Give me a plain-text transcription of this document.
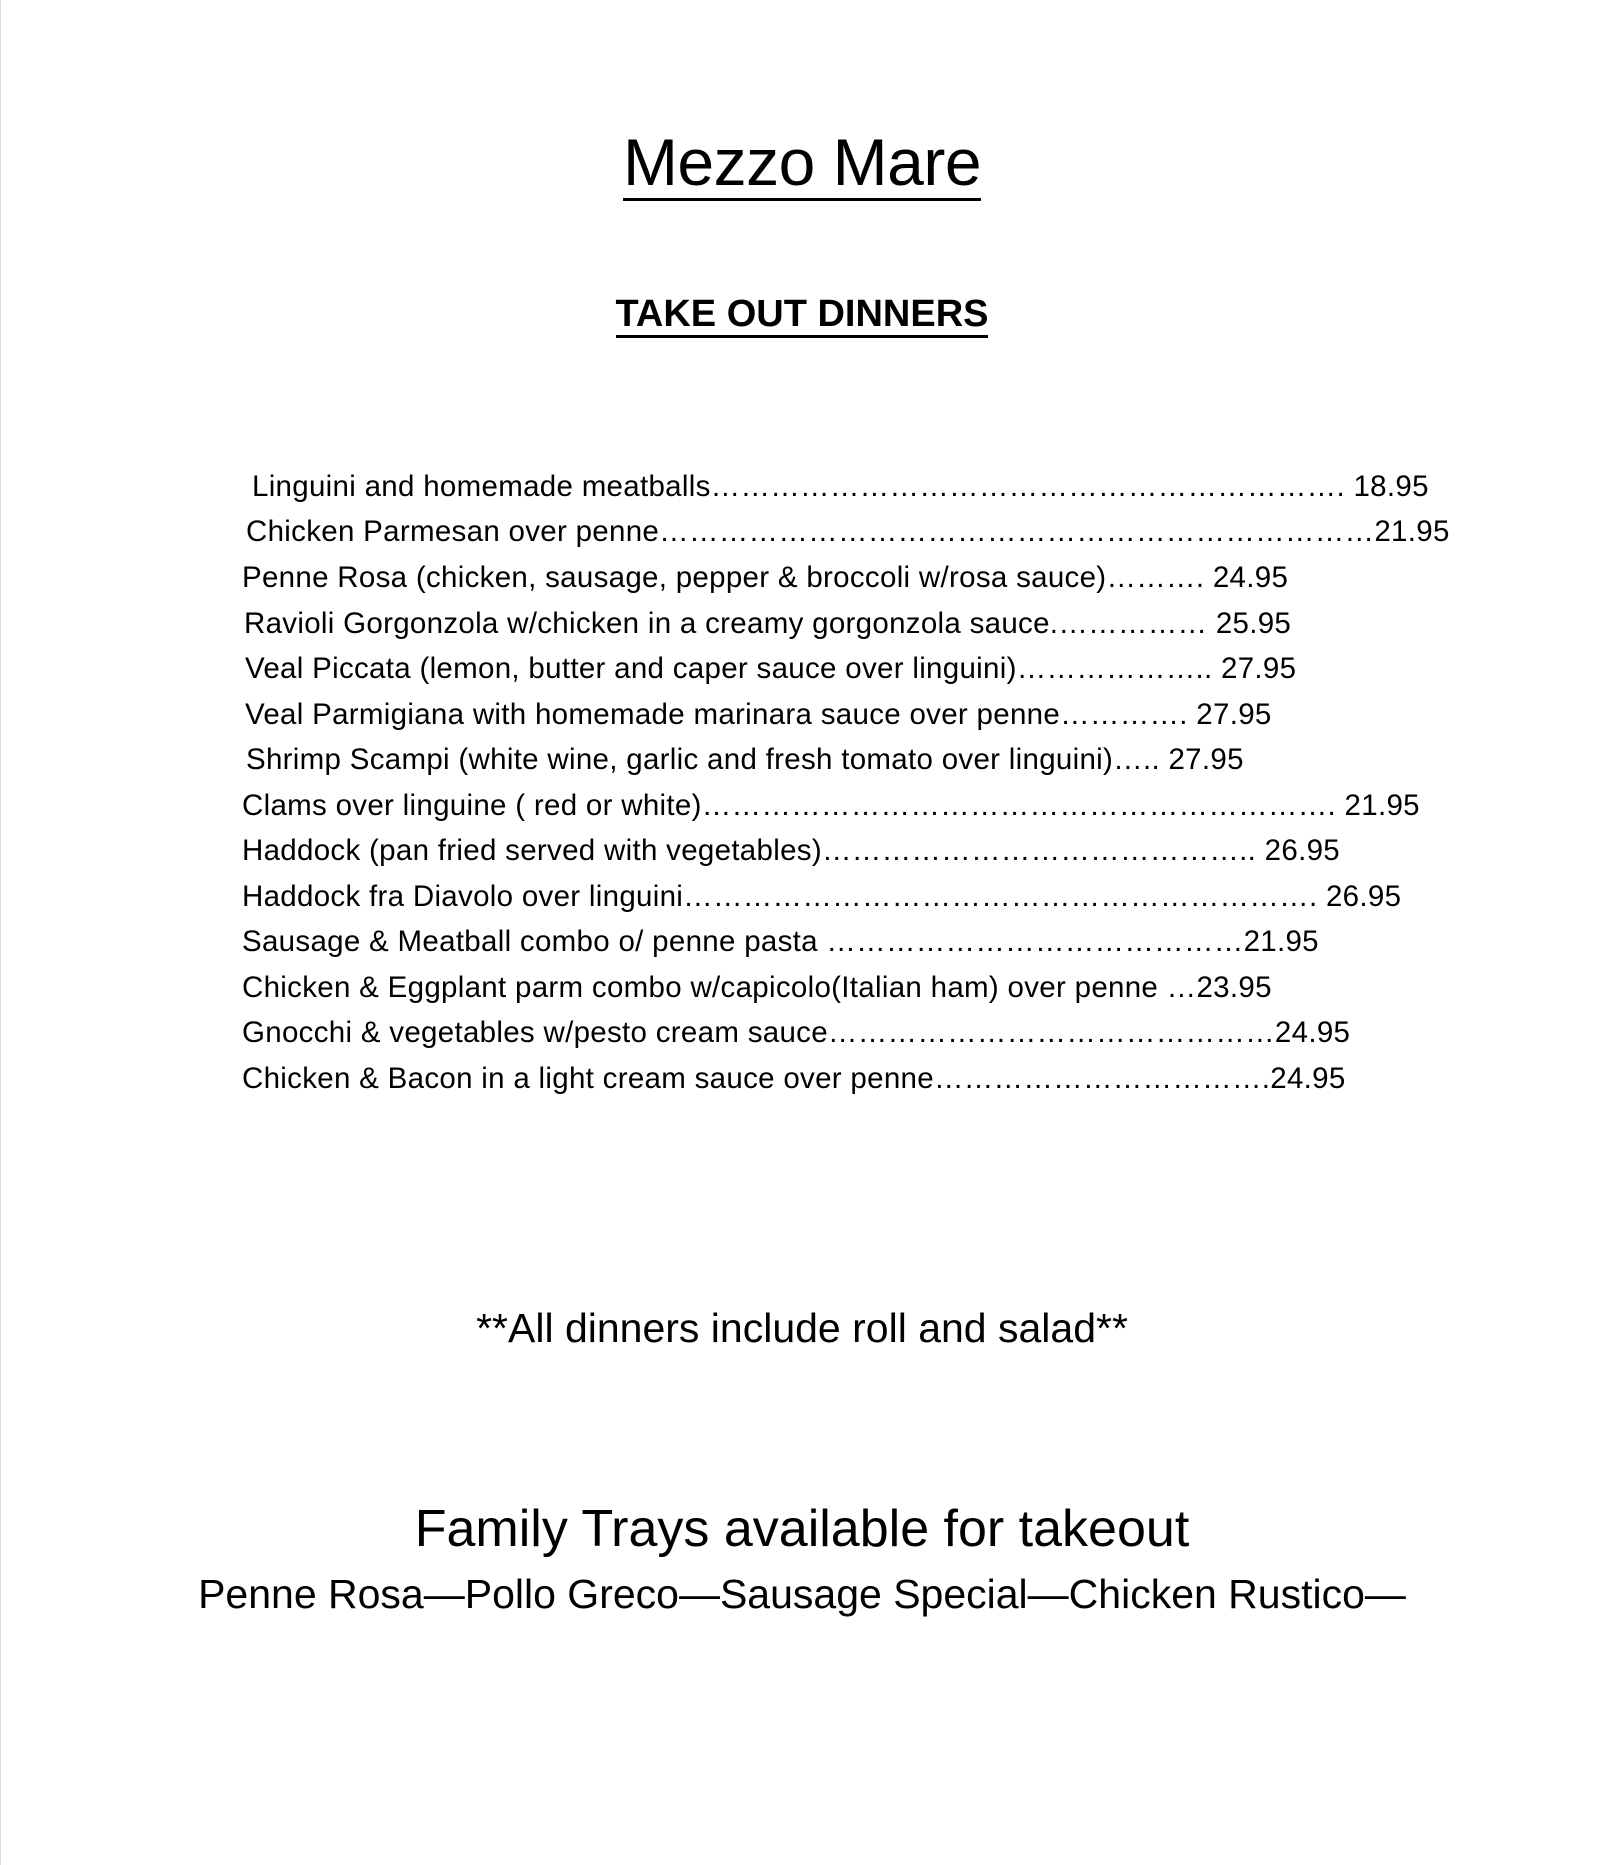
Mezzo Mare
TAKE OUT DINNERS
Linguini and homemade meatballs………………………………………………………. 18.95
Chicken Parmesan over penne………………………………………………………………21.95
Penne Rosa (chicken, sausage, pepper & broccoli w/rosa sauce)………. 24.95
Ravioli Gorgonzola w/chicken in a creamy gorgonzola sauce.…………… 25.95
Veal Piccata (lemon, butter and caper sauce over linguini)……………….. 27.95
Veal Parmigiana with homemade marinara sauce over penne…………. 27.95
Shrimp Scampi (white wine, garlic and fresh tomato over linguini)….. 27.95
Clams over linguine ( red or white)………………………………………………………. 21.95
Haddock (pan fried served with vegetables)…………………………………….. 26.95
Haddock fra Diavolo over linguini………………………………………………………. 26.95
Sausage & Meatball combo o/ penne pasta ……………………………………21.95
Chicken & Eggplant parm combo w/capicolo(Italian ham) over penne …23.95
Gnocchi & vegetables w/pesto cream sauce………………………………………24.95
Chicken & Bacon in a light cream sauce over penne…………………………….24.95

**All dinners include roll and salad**

Family Trays available for takeout

Penne Rosa—Pollo Greco—Sausage Special—Chicken Rustico—
